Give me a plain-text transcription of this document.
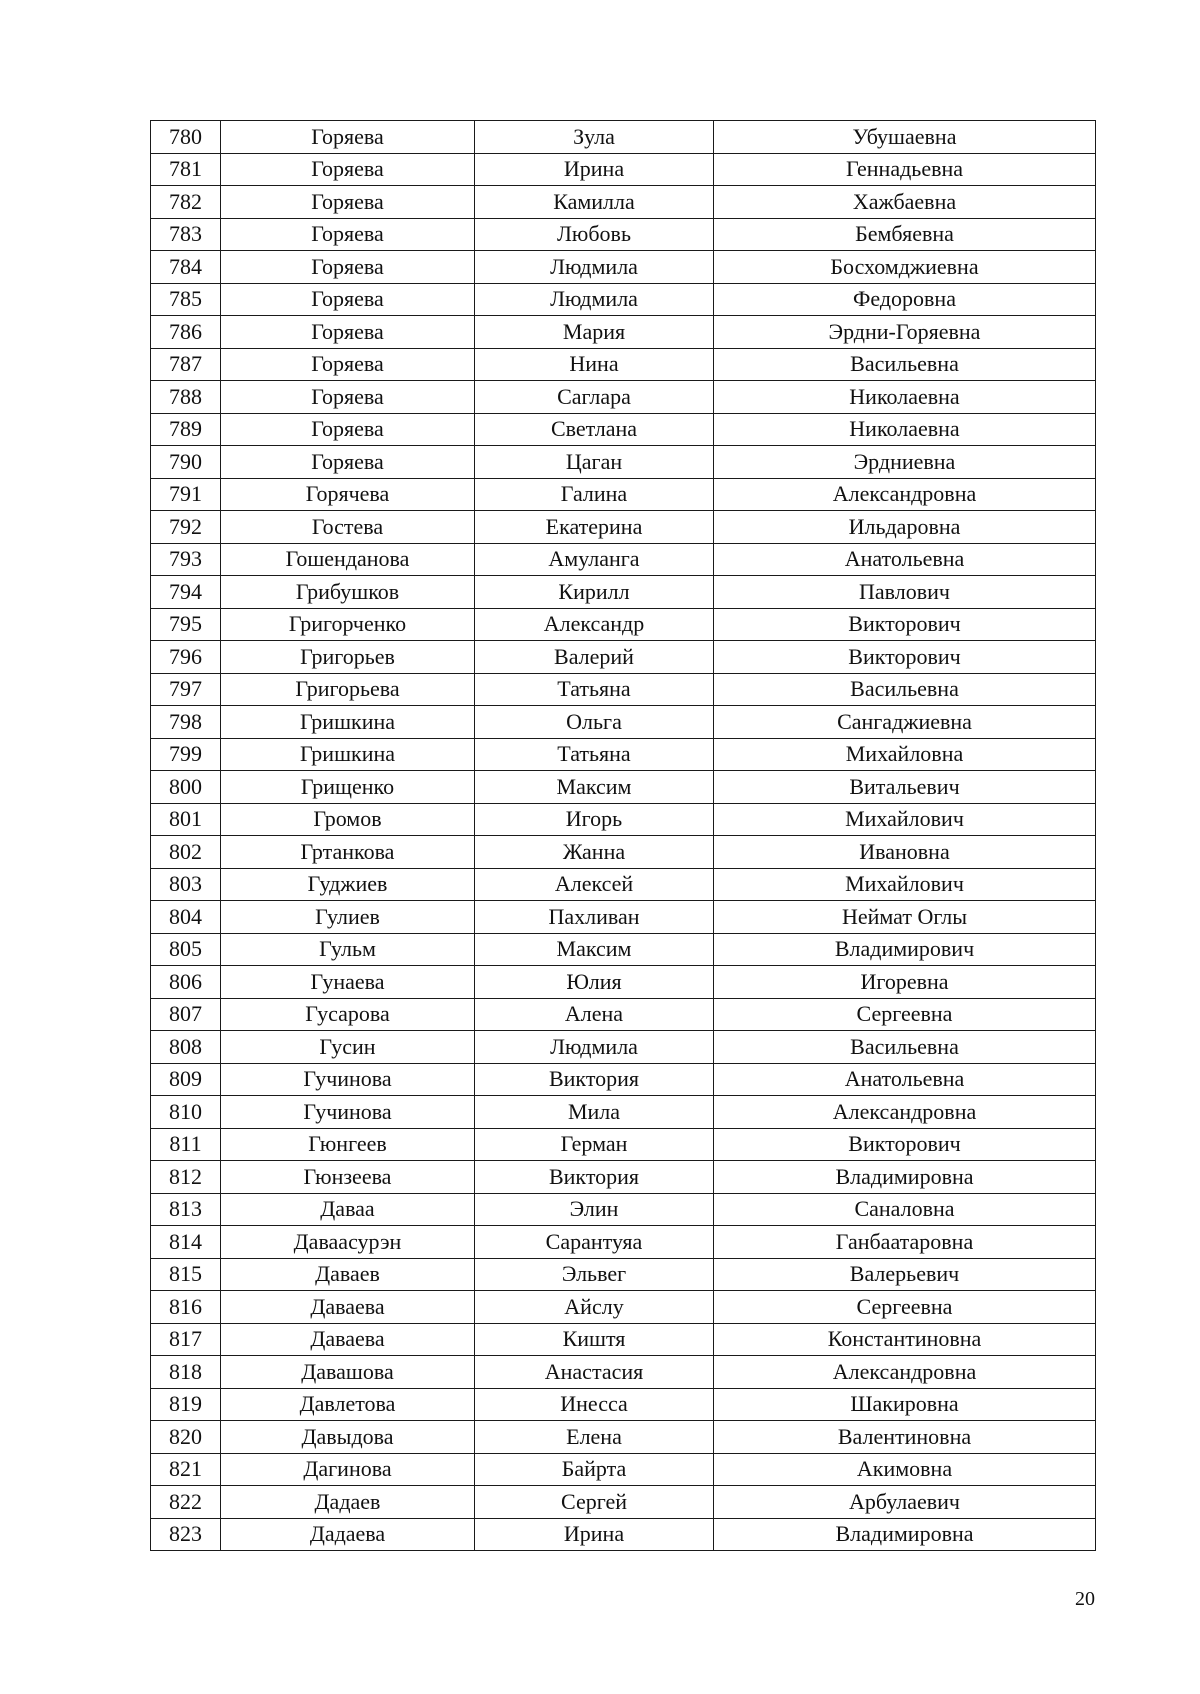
780	Горяева	Зула	Убушаевна
781	Горяева	Ирина	Геннадьевна
782	Горяева	Камилла	Хажбаевна
783	Горяева	Любовь	Бембяевна
784	Горяева	Людмила	Босхомджиевна
785	Горяева	Людмила	Федоровна
786	Горяева	Мария	Эрдни-Горяевна
787	Горяева	Нина	Васильевна
788	Горяева	Саглара	Николаевна
789	Горяева	Светлана	Николаевна
790	Горяева	Цаган	Эрдниевна
791	Горячева	Галина	Александровна
792	Гостева	Екатерина	Ильдаровна
793	Гошенданова	Амуланга	Анатольевна
794	Грибушков	Кирилл	Павлович
795	Григорченко	Александр	Викторович
796	Григорьев	Валерий	Викторович
797	Григорьева	Татьяна	Васильевна
798	Гришкина	Ольга	Сангаджиевна
799	Гришкина	Татьяна	Михайловна
800	Грищенко	Максим	Витальевич
801	Громов	Игорь	Михайлович
802	Гртанкова	Жанна	Ивановна
803	Гуджиев	Алексей	Михайлович
804	Гулиев	Пахливан	Неймат Оглы
805	Гульм	Максим	Владимирович
806	Гунаева	Юлия	Игоревна
807	Гусарова	Алена	Сергеевна
808	Гусин	Людмила	Васильевна
809	Гучинова	Виктория	Анатольевна
810	Гучинова	Мила	Александровна
811	Гюнгеев	Герман	Викторович
812	Гюнзеева	Виктория	Владимировна
813	Даваа	Элин	Саналовна
814	Даваасурэн	Сарантуяа	Ганбаатаровна
815	Даваев	Эльвег	Валерьевич
816	Даваева	Айслу	Сергеевна
817	Даваева	Киштя	Константиновна
818	Давашова	Анастасия	Александровна
819	Давлетова	Инесса	Шакировна
820	Давыдова	Елена	Валентиновна
821	Дагинова	Байрта	Акимовна
822	Дадаев	Сергей	Арбулаевич
823	Дадаева	Ирина	Владимировна
20
